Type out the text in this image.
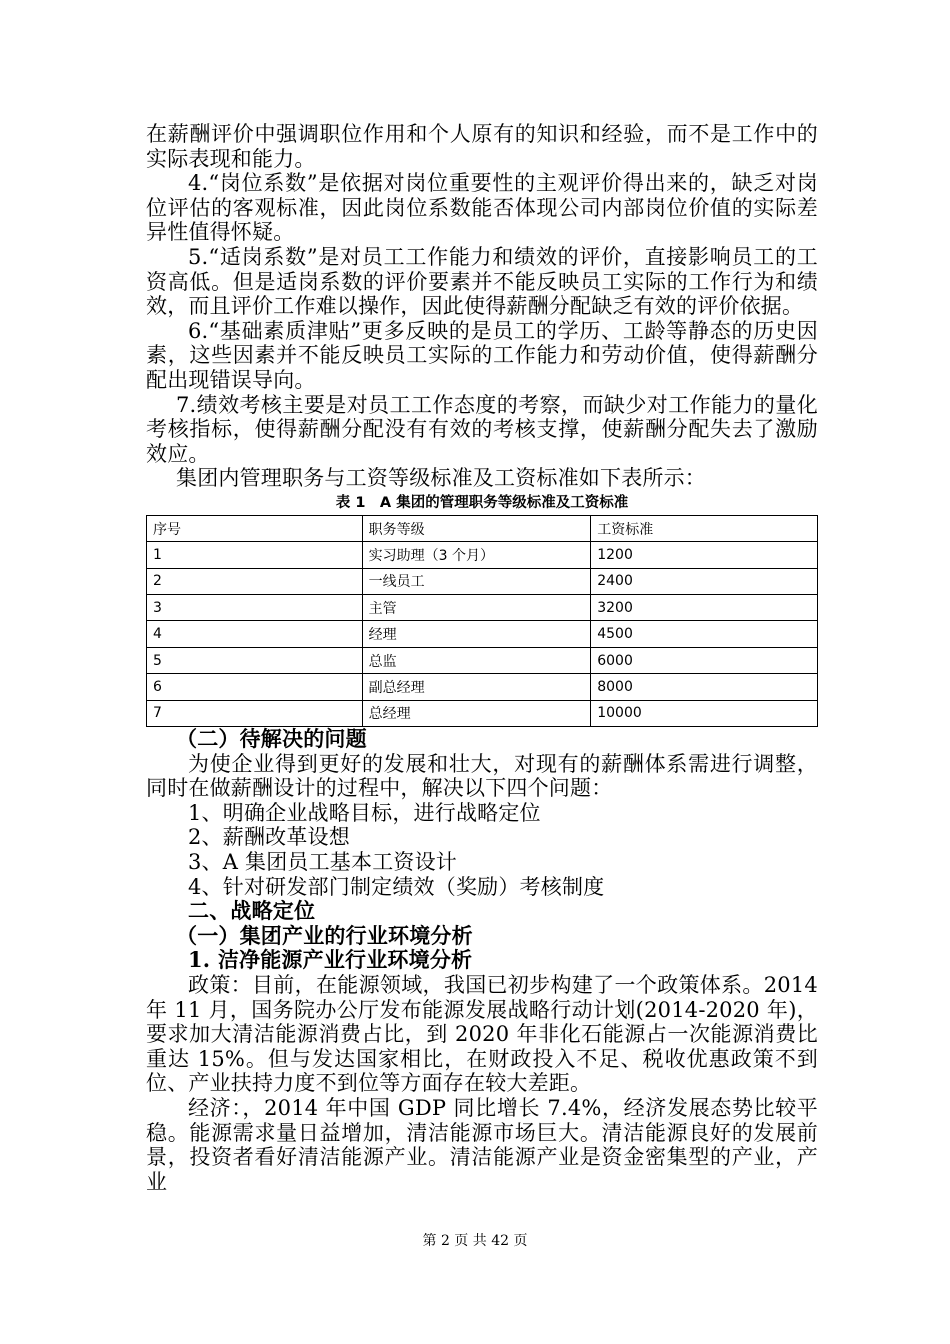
在薪酬评价中强调职位作用和个人原有的知识和经验，而不是工作中的实际表现和能力。

4.“岗位系数”是依据对岗位重要性的主观评价得出来的，缺乏对岗位评估的客观标准，因此岗位系数能否体现公司内部岗位价值的实际差异性值得怀疑。

5.“适岗系数”是对员工工作能力和绩效的评价，直接影响员工的工资高低。但是适岗系数的评价要素并不能反映员工实际的工作行为和绩效，而且评价工作难以操作，因此使得薪酬分配缺乏有效的评价依据。

6.“基础素质津贴”更多反映的是员工的学历、工龄等静态的历史因素，这些因素并不能反映员工实际的工作能力和劳动价值，使得薪酬分配出现错误导向。

7.绩效考核主要是对员工工作态度的考察，而缺少对工作能力的量化考核指标，使得薪酬分配没有有效的考核支撑，使薪酬分配失去了激励效应。

集团内管理职务与工资等级标准及工资标准如下表所示：

表 1　A 集团的管理职务等级标准及工资标准
序号	职务等级	工资标准
1	实习助理（3 个月）	1200
2	一线员工	2400
3	主管	3200
4	经理	4500
5	总监	6000
6	副总经理	8000
7	总经理	10000

（二）待解决的问题

为使企业得到更好的发展和壮大，对现有的薪酬体系需进行调整，同时在做薪酬设计的过程中，解决以下四个问题：

1、明确企业战略目标，进行战略定位

2、薪酬改革设想

3、A 集团员工基本工资设计

4、针对研发部门制定绩效（奖励）考核制度

二、战略定位

（一）集团产业的行业环境分析

1. 洁净能源产业行业环境分析

政策：目前，在能源领域，我国已初步构建了一个政策体系。2014 年 11 月，国务院办公厅发布能源发展战略行动计划(2014-2020 年)，要求加大清洁能源消费占比，到 2020 年非化石能源占一次能源消费比重达 15%。但与发达国家相比，在财政投入不足、税收优惠政策不到位、产业扶持力度不到位等方面存在较大差距。

经济：，2014 年中国 GDP 同比增长 7.4%，经济发展态势比较平稳。能源需求量日益增加，清洁能源市场巨大。清洁能源良好的发展前景，投资者看好清洁能源产业。清洁能源产业是资金密集型的产业，产业

第 2 页 共 42 页
